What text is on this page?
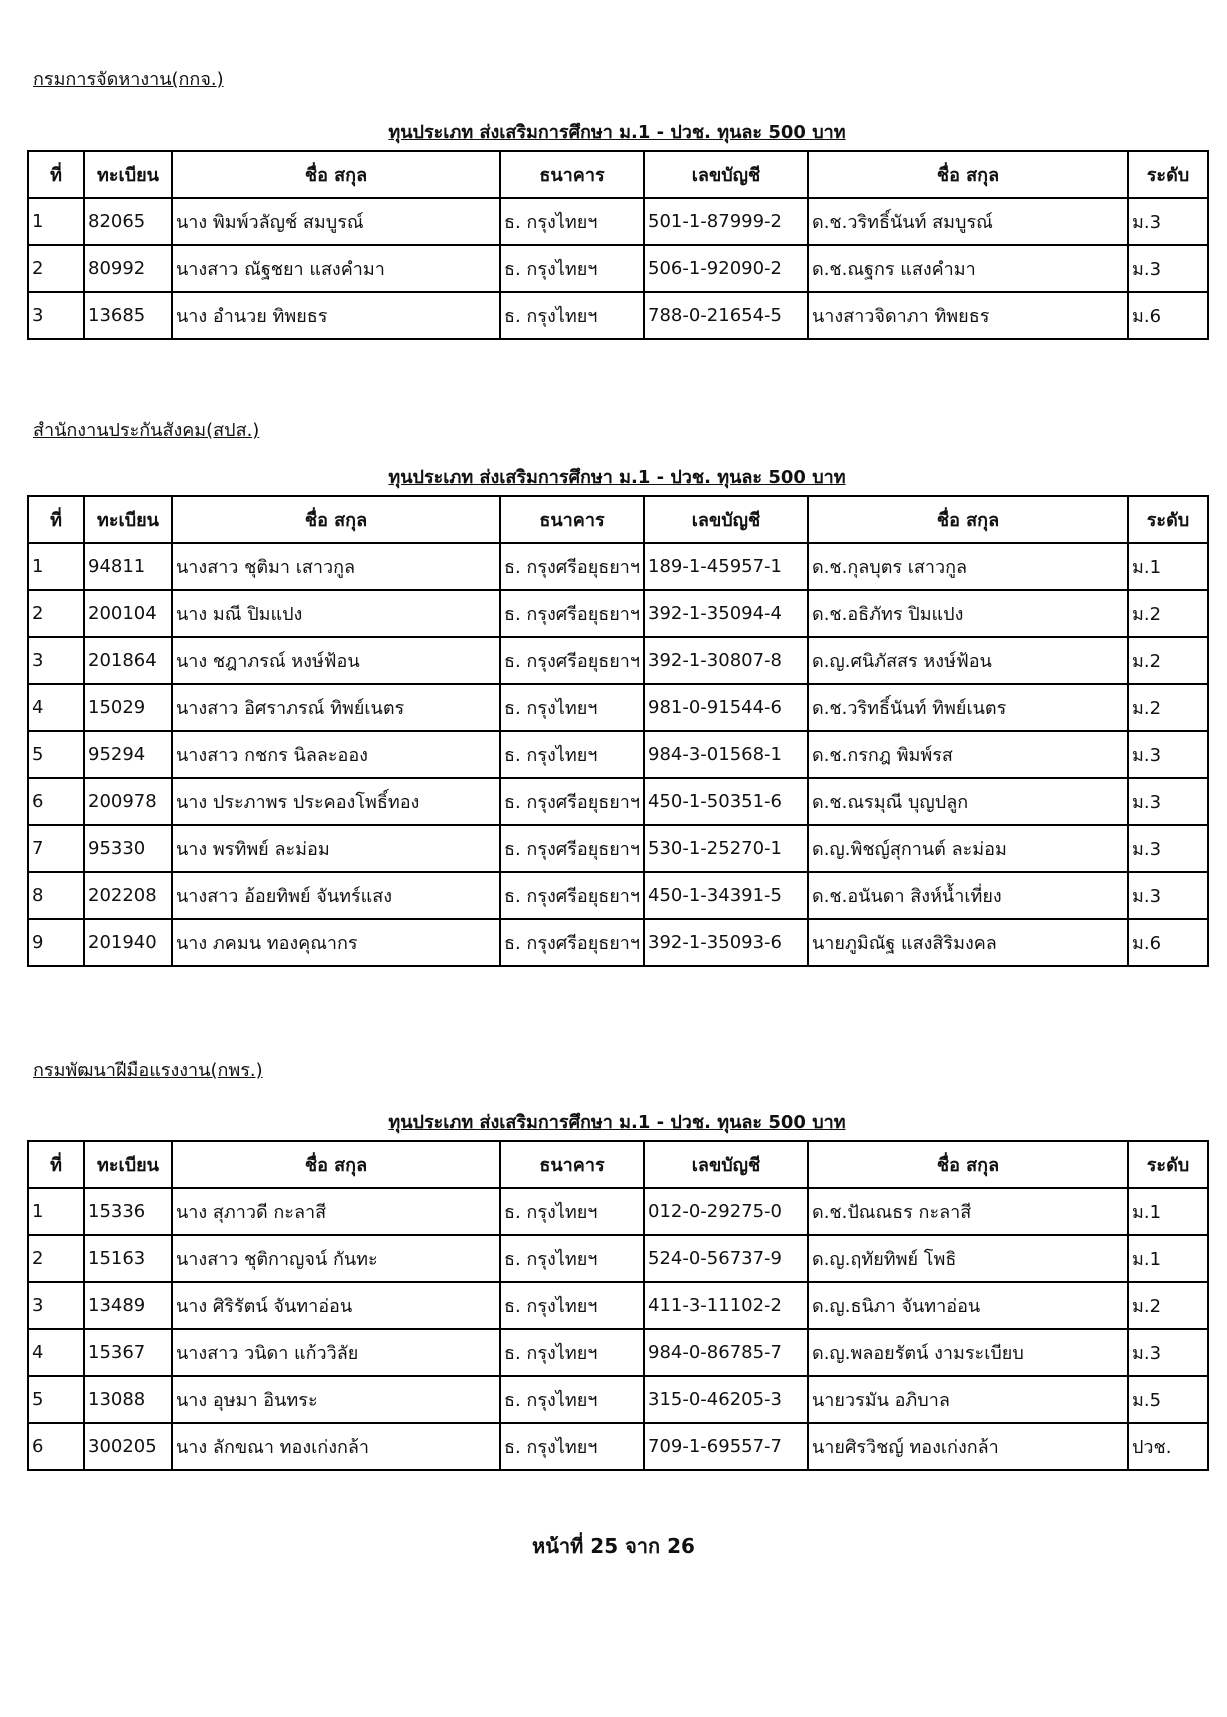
กรมการจัดหางาน(กกจ.)
ทุนประเภท ส่งเสริมการศึกษา ม.1 - ปวช. ทุนละ 500 บาท
ที่	ทะเบียน	ชื่อ สกุล	ธนาคาร	เลขบัญชี	ชื่อ สกุล	ระดับ
1	82065	นาง พิมพ์วลัญช์ สมบูรณ์	ธ. กรุงไทยฯ	501-1-87999-2	ด.ช.วริทธิ์นันท์ สมบูรณ์	ม.3
2	80992	นางสาว ณัฐชยา แสงคำมา	ธ. กรุงไทยฯ	506-1-92090-2	ด.ช.ณฐกร แสงคำมา	ม.3
3	13685	นาง อำนวย ทิพยธร	ธ. กรุงไทยฯ	788-0-21654-5	นางสาวจิดาภา ทิพยธร	ม.6
สำนักงานประกันสังคม(สปส.)
ทุนประเภท ส่งเสริมการศึกษา ม.1 - ปวช. ทุนละ 500 บาท
ที่	ทะเบียน	ชื่อ สกุล	ธนาคาร	เลขบัญชี	ชื่อ สกุล	ระดับ
1	94811	นางสาว ชุติมา เสาวกูล	ธ. กรุงศรีอยุธยาฯ	189-1-45957-1	ด.ช.กุลบุตร เสาวกูล	ม.1
2	200104	นาง มณี ปิมแปง	ธ. กรุงศรีอยุธยาฯ	392-1-35094-4	ด.ช.อธิภัทร ปิมแปง	ม.2
3	201864	นาง ชฎาภรณ์ หงษ์ฟ้อน	ธ. กรุงศรีอยุธยาฯ	392-1-30807-8	ด.ญ.ศนิภัสสร หงษ์ฟ้อน	ม.2
4	15029	นางสาว อิศราภรณ์ ทิพย์เนตร	ธ. กรุงไทยฯ	981-0-91544-6	ด.ช.วริทธิ์นันท์ ทิพย์เนตร	ม.2
5	95294	นางสาว กชกร นิลละออง	ธ. กรุงไทยฯ	984-3-01568-1	ด.ช.กรกฎ พิมพ์รส	ม.3
6	200978	นาง ประภาพร ประคองโพธิ์ทอง	ธ. กรุงศรีอยุธยาฯ	450-1-50351-6	ด.ช.ณรมุณี บุญปลูก	ม.3
7	95330	นาง พรทิพย์ ละม่อม	ธ. กรุงศรีอยุธยาฯ	530-1-25270-1	ด.ญ.พิชญ์สุกานต์ ละม่อม	ม.3
8	202208	นางสาว อ้อยทิพย์ จันทร์แสง	ธ. กรุงศรีอยุธยาฯ	450-1-34391-5	ด.ช.อนันดา สิงห์น้ำเที่ยง	ม.3
9	201940	นาง ภคมน ทองคุณากร	ธ. กรุงศรีอยุธยาฯ	392-1-35093-6	นายภูมิณัฐ แสงสิริมงคล	ม.6
กรมพัฒนาฝีมือแรงงาน(กพร.)
ทุนประเภท ส่งเสริมการศึกษา ม.1 - ปวช. ทุนละ 500 บาท
ที่	ทะเบียน	ชื่อ สกุล	ธนาคาร	เลขบัญชี	ชื่อ สกุล	ระดับ
1	15336	นาง สุภาวดี กะลาสี	ธ. กรุงไทยฯ	012-0-29275-0	ด.ช.ปัณณธร กะลาสี	ม.1
2	15163	นางสาว ชุติกาญจน์ กันทะ	ธ. กรุงไทยฯ	524-0-56737-9	ด.ญ.ฤทัยทิพย์ โพธิ	ม.1
3	13489	นาง ศิริรัตน์ จันทาอ่อน	ธ. กรุงไทยฯ	411-3-11102-2	ด.ญ.ธนิภา จันทาอ่อน	ม.2
4	15367	นางสาว วนิดา แก้ววิลัย	ธ. กรุงไทยฯ	984-0-86785-7	ด.ญ.พลอยรัตน์ งามระเบียบ	ม.3
5	13088	นาง อุษมา อินทระ	ธ. กรุงไทยฯ	315-0-46205-3	นายวรมัน อภิบาล	ม.5
6	300205	นาง ลักขณา ทองเก่งกล้า	ธ. กรุงไทยฯ	709-1-69557-7	นายศิรวิชญ์ ทองเก่งกล้า	ปวช.
หน้าที่ 25 จาก 26
